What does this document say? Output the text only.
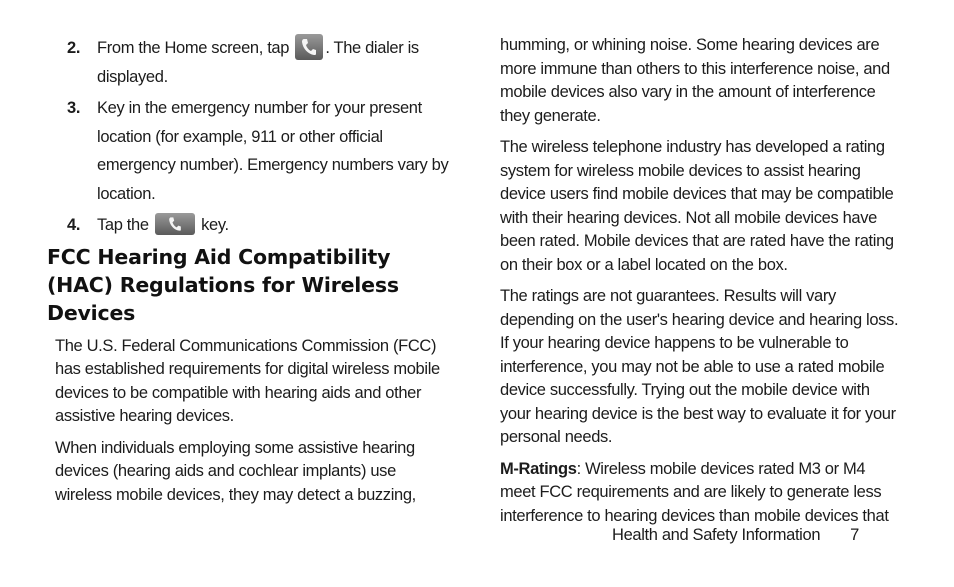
2. From the Home screen, tap
. The dialer is displayed.
3. Key in the emergency number for your present location (for example, 911 or other official emergency number). Emergency numbers vary by location.
4. Tap the	key.
FCC Hearing Aid Compatibility (HAC) Regulations for Wireless Devices

The U.S. Federal Communications Commission (FCC) has established requirements for digital wireless mobile devices to be compatible with hearing aids and other assistive hearing devices.

When individuals employing some assistive hearing devices (hearing aids and cochlear implants) use wireless mobile devices, they may detect a buzzing,

humming, or whining noise. Some hearing devices are more immune than others to this interference noise, and mobile devices also vary in the amount of interference they generate.

The wireless telephone industry has developed a rating system for wireless mobile devices to assist hearing device users find mobile devices that may be compatible with their hearing devices. Not all mobile devices have been rated. Mobile devices that are rated have the rating on their box or a label located on the box.

The ratings are not guarantees. Results will vary depending on the user's hearing device and hearing loss. If your hearing device happens to be vulnerable to interference, you may not be able to use a rated mobile device successfully. Trying out the mobile device with your hearing device is the best way to evaluate it for your personal needs.

M-Ratings: Wireless mobile devices rated M3 or M4 meet FCC requirements and are likely to generate less interference to hearing devices than mobile devices that

Health and Safety Information 7
